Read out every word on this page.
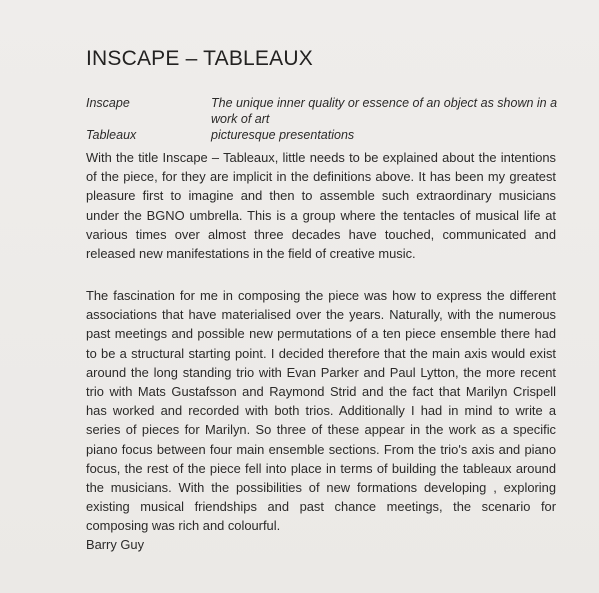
INSCAPE – TABLEAUX
Inscape	The unique inner quality or essence of an object as shown in a work of art
Tableaux	picturesque presentations

With the title Inscape – Tableaux, little needs to be explained about the intentions of the piece, for they are implicit in the definitions above. It has been my greatest pleasure first to imagine and then to assemble such extraordinary musicians under the BGNO umbrella. This is a group where the tentacles of musical life at various times over almost three decades have touched, communicated and released new manifestations in the field of creative music.

The fascination for me in composing the piece was how to express the different associations that have materialised over the years. Naturally, with the numerous past meetings and possible new permutations of a ten piece ensemble there had to be a structural starting point. I decided therefore that the main axis would exist around the long standing trio with Evan Parker and Paul Lytton, the more recent trio with Mats Gustafsson and Raymond Strid and the fact that Marilyn Crispell has worked and recorded with both trios. Additionally I had in mind to write a series of pieces for Marilyn. So three of these appear in the work as a specific piano focus between four main ensemble sections. From the trio's axis and piano focus, the rest of the piece fell into place in terms of building the tableaux around the musicians. With the possibilities of new formations developing , exploring existing musical friendships and past chance meetings, the scenario for composing was rich and colourful.

Barry Guy
